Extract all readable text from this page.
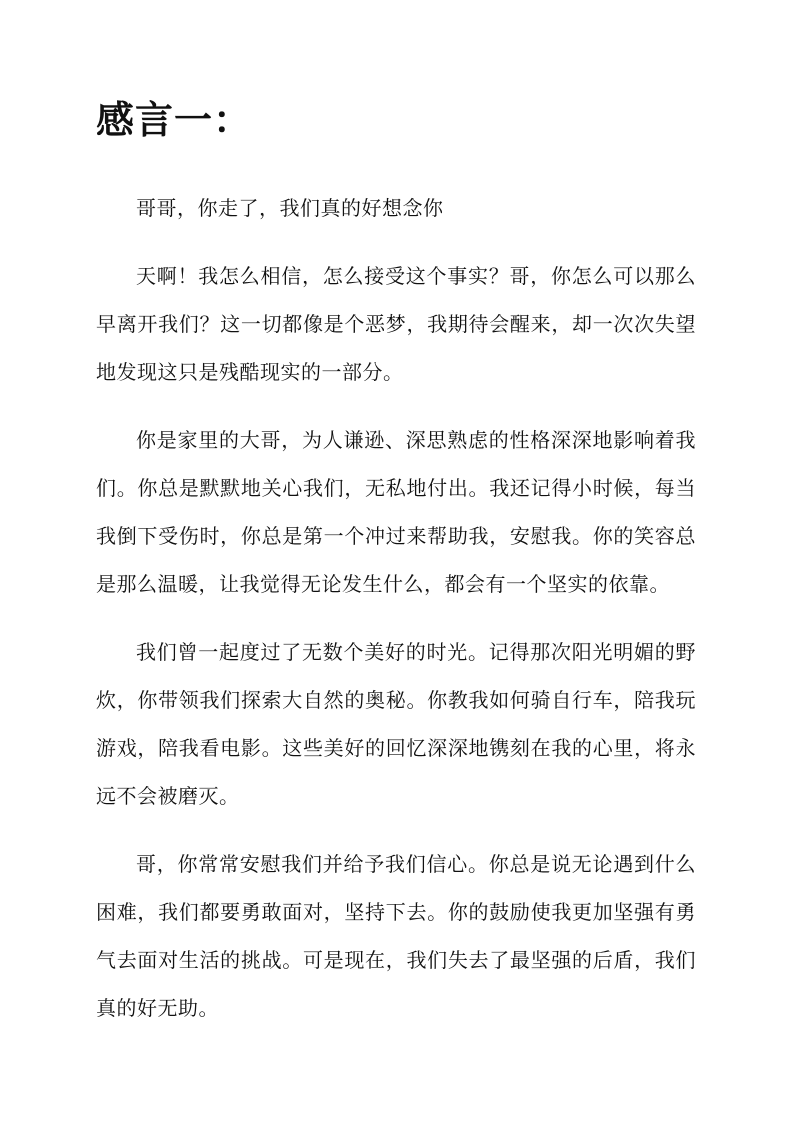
感言一：

哥哥，你走了，我们真的好想念你

天啊！我怎么相信，怎么接受这个事实？哥，你怎么可以那么早离开我们？这一切都像是个恶梦，我期待会醒来，却一次次失望地发现这只是残酷现实的一部分。

你是家里的大哥，为人谦逊、深思熟虑的性格深深地影响着我们。你总是默默地关心我们，无私地付出。我还记得小时候，每当我倒下受伤时，你总是第一个冲过来帮助我，安慰我。你的笑容总是那么温暖，让我觉得无论发生什么，都会有一个坚实的依靠。

我们曾一起度过了无数个美好的时光。记得那次阳光明媚的野炊，你带领我们探索大自然的奥秘。你教我如何骑自行车，陪我玩游戏，陪我看电影。这些美好的回忆深深地镌刻在我的心里，将永远不会被磨灭。

哥，你常常安慰我们并给予我们信心。你总是说无论遇到什么困难，我们都要勇敢面对，坚持下去。你的鼓励使我更加坚强有勇气去面对生活的挑战。可是现在，我们失去了最坚强的后盾，我们真的好无助。
